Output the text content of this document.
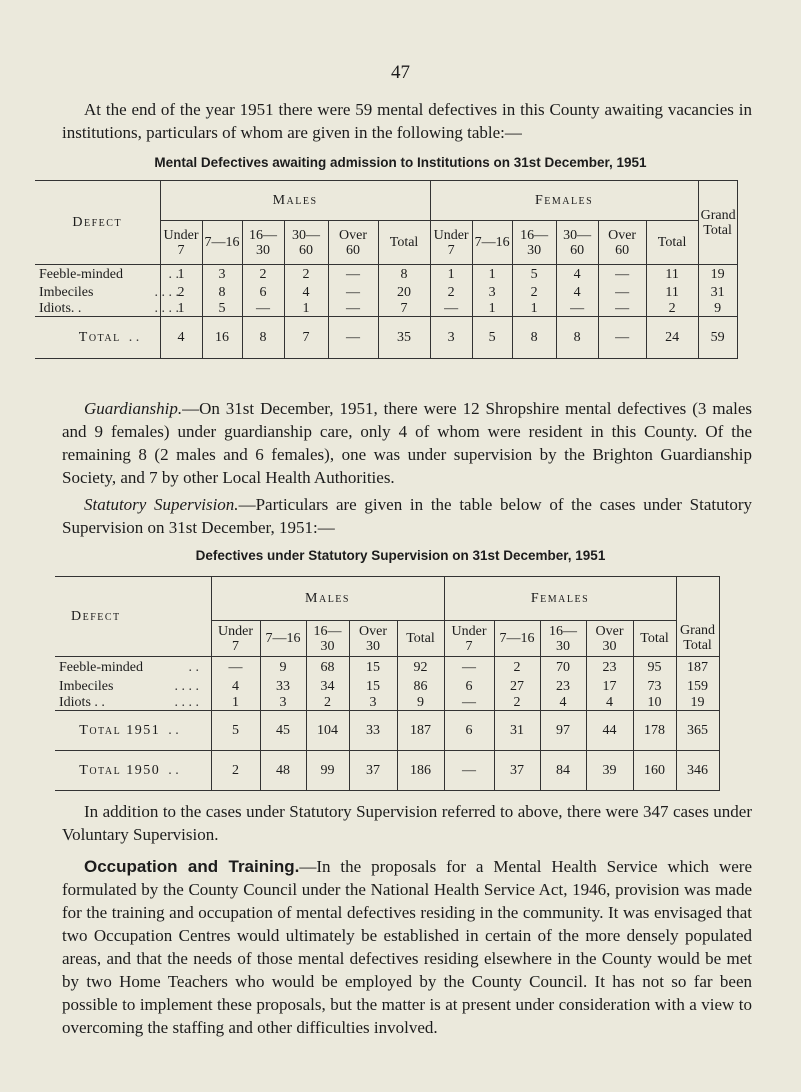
47

At the end of the year 1951 there were 59 mental defectives in this County awaiting vacancies in institutions, particulars of whom are given in the following table:—

Mental Defectives awaiting admission to Institutions on 31st December, 1951
Defect	Males						Females						Grand Total
	Under 7	7—16	16—30	30—60	Over 60	Total	Under 7	7—16	16—30	30—60	Over 60	Total	

Feeble-minded . .	1	3	2	2	—	8	1	1	5	4	—	11	19

Imbeciles . . . .	2	8	6	4	—	20	2	3	2	4	—	11	31

Idiots. . . . . .	1	5	—	1	—	7	—	1	1	—	—	2	9

Total . .	4	16	8	7	—	35	3	5	8	8	—	24	59

Guardianship.—On 31st December, 1951, there were 12 Shropshire mental defectives (3 males and 9 females) under guardianship care, only 4 of whom were resident in this County. Of the remaining 8 (2 males and 6 females), one was under supervision by the Brighton Guardianship Society, and 7 by other Local Health Authorities.

Statutory Supervision.—Particulars are given in the table below of the cases under Statutory Supervision on 31st December, 1951:—

Defectives under Statutory Supervision on 31st December, 1951
Defect	Males					Females					
	Under 7	7—16	16—30	Over 30	Total	Under 7	7—16	16—30	Over 30	Total	Grand Total

Feeble-minded . .	—	9	68	15	92	—	2	70	23	95	187

Imbeciles . . . .	4	33	34	15	86	6	27	23	17	73	159

Idiots . . . . . .	1	3	2	3	9	—	2	4	4	10	19

Total 1951 . .	5	45	104	33	187	6	31	97	44	178	365

Total 1950 . .	2	48	99	37	186	—	37	84	39	160	346

In addition to the cases under Statutory Supervision referred to above, there were 347 cases under Voluntary Supervision.

Occupation and Training.—In the proposals for a Mental Health Service which were formulated by the County Council under the National Health Service Act, 1946, provision was made for the training and occupation of mental defectives residing in the community. It was envisaged that two Occupation Centres would ultimately be established in certain of the more densely populated areas, and that the needs of those mental defectives residing elsewhere in the County would be met by two Home Teachers who would be employed by the County Council. It has not so far been possible to implement these proposals, but the matter is at present under consideration with a view to overcoming the staffing and other difficulties involved.
